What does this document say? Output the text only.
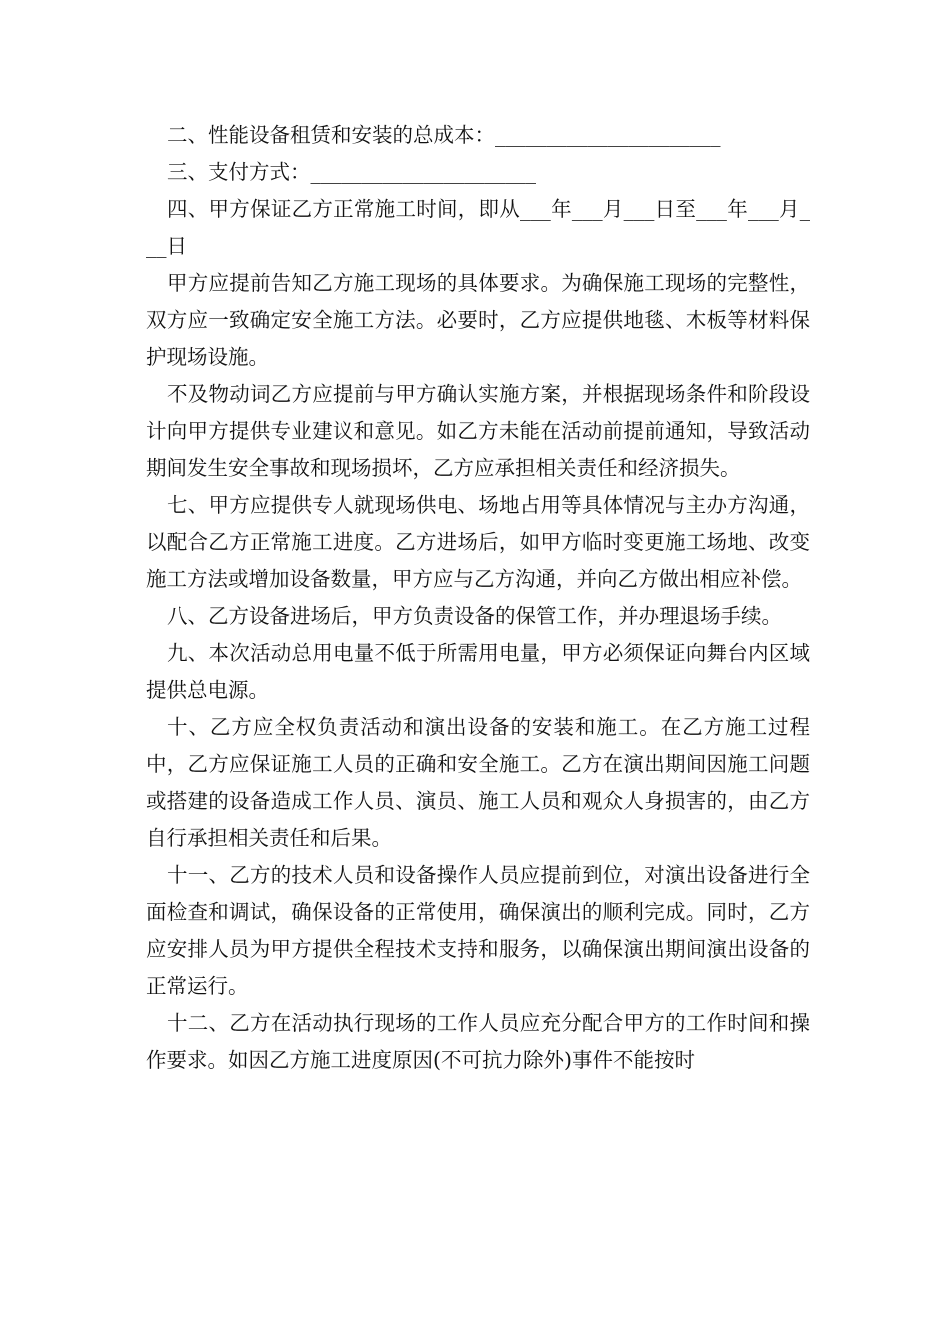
二、性能设备租赁和安装的总成本：______________________

三、支付方式：______________________

四、甲方保证乙方正常施工时间，即从___年___月___日至___年___月___日

甲方应提前告知乙方施工现场的具体要求。为确保施工现场的完整性，双方应一致确定安全施工方法。必要时，乙方应提供地毯、木板等材料保护现场设施。

不及物动词乙方应提前与甲方确认实施方案，并根据现场条件和阶段设计向甲方提供专业建议和意见。如乙方未能在活动前提前通知，导致活动期间发生安全事故和现场损坏，乙方应承担相关责任和经济损失。

七、甲方应提供专人就现场供电、场地占用等具体情况与主办方沟通，以配合乙方正常施工进度。乙方进场后，如甲方临时变更施工场地、改变施工方法或增加设备数量，甲方应与乙方沟通，并向乙方做出相应补偿。

八、乙方设备进场后，甲方负责设备的保管工作，并办理退场手续。

九、本次活动总用电量不低于所需用电量，甲方必须保证向舞台内区域提供总电源。

十、乙方应全权负责活动和演出设备的安装和施工。在乙方施工过程中，乙方应保证施工人员的正确和安全施工。乙方在演出期间因施工问题或搭建的设备造成工作人员、演员、施工人员和观众人身损害的，由乙方自行承担相关责任和后果。

十一、乙方的技术人员和设备操作人员应提前到位，对演出设备进行全面检查和调试，确保设备的正常使用，确保演出的顺利完成。同时，乙方应安排人员为甲方提供全程技术支持和服务，以确保演出期间演出设备的正常运行。

十二、乙方在活动执行现场的工作人员应充分配合甲方的工作时间和操作要求。如因乙方施工进度原因(不可抗力除外)事件不能按时
